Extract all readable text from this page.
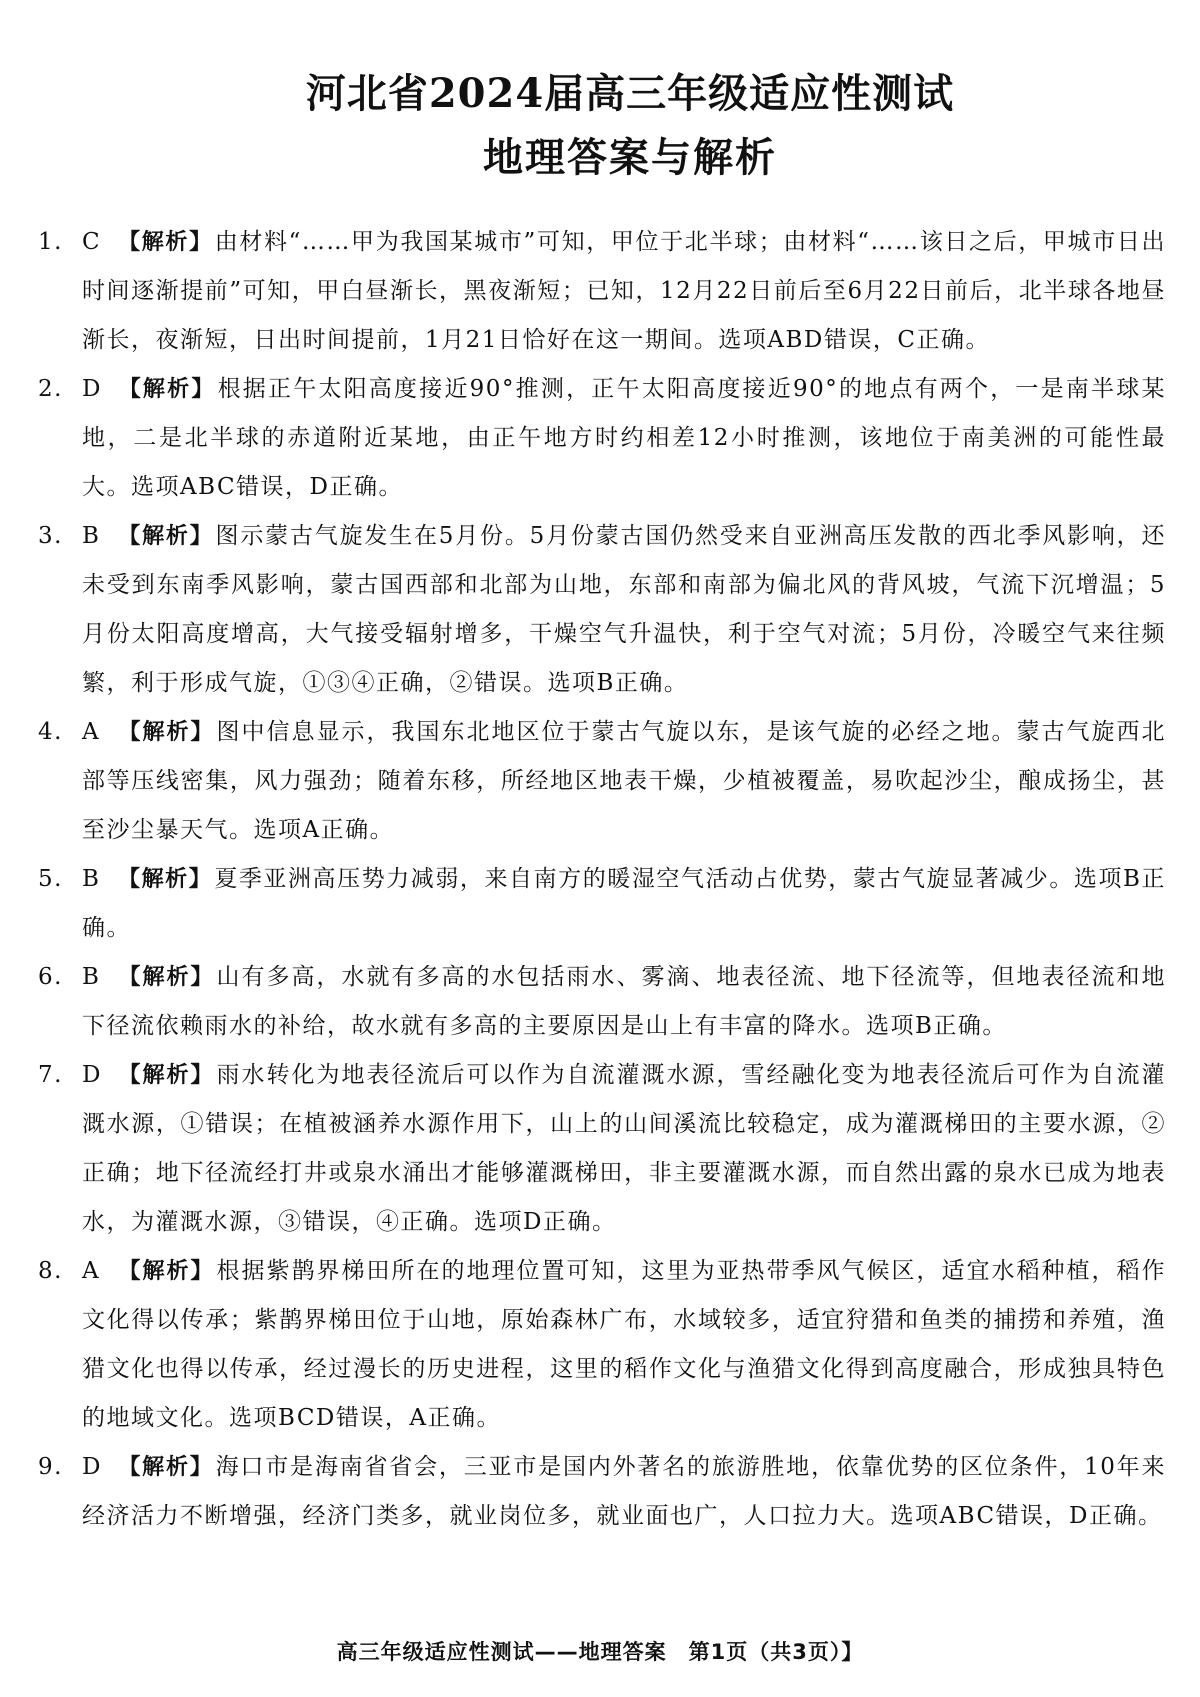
河北省2024届高三年级适应性测试
地理答案与解析
1. C 【解析】由材料“……甲为我国某城市”可知，甲位于北半球；由材料“……该日之后，甲城市日出时间逐渐提前”可知，甲白昼渐长，黑夜渐短；已知，12月22日前后至6月22日前后，北半球各地昼渐长，夜渐短，日出时间提前，1月21日恰好在这一期间。选项ABD错误，C正确。
2. D 【解析】根据正午太阳高度接近90°推测，正午太阳高度接近90°的地点有两个，一是南半球某地，二是北半球的赤道附近某地，由正午地方时约相差12小时推测，该地位于南美洲的可能性最大。选项ABC错误，D正确。
3. B 【解析】图示蒙古气旋发生在5月份。5月份蒙古国仍然受来自亚洲高压发散的西北季风影响，还未受到东南季风影响，蒙古国西部和北部为山地，东部和南部为偏北风的背风坡，气流下沉增温；5月份太阳高度增高，大气接受辐射增多，干燥空气升温快，利于空气对流；5月份，冷暖空气来往频繁，利于形成气旋，①③④正确，②错误。选项B正确。
4. A 【解析】图中信息显示，我国东北地区位于蒙古气旋以东，是该气旋的必经之地。蒙古气旋西北部等压线密集，风力强劲；随着东移，所经地区地表干燥，少植被覆盖，易吹起沙尘，酿成扬尘，甚至沙尘暴天气。选项A正确。
5. B 【解析】夏季亚洲高压势力减弱，来自南方的暖湿空气活动占优势，蒙古气旋显著减少。选项B正确。
6. B 【解析】山有多高，水就有多高的水包括雨水、雾滴、地表径流、地下径流等，但地表径流和地下径流依赖雨水的补给，故水就有多高的主要原因是山上有丰富的降水。选项B正确。
7. D 【解析】雨水转化为地表径流后可以作为自流灌溉水源，雪经融化变为地表径流后可作为自流灌溉水源，①错误；在植被涵养水源作用下，山上的山间溪流比较稳定，成为灌溉梯田的主要水源，②正确；地下径流经打井或泉水涌出才能够灌溉梯田，非主要灌溉水源，而自然出露的泉水已成为地表水，为灌溉水源，③错误，④正确。选项D正确。
8. A 【解析】根据紫鹊界梯田所在的地理位置可知，这里为亚热带季风气候区，适宜水稻种植，稻作文化得以传承；紫鹊界梯田位于山地，原始森林广布，水域较多，适宜狩猎和鱼类的捕捞和养殖，渔猎文化也得以传承，经过漫长的历史进程，这里的稻作文化与渔猎文化得到高度融合，形成独具特色的地域文化。选项BCD错误，A正确。
9. D 【解析】海口市是海南省省会，三亚市是国内外著名的旅游胜地，依靠优势的区位条件，10年来经济活力不断增强，经济门类多，就业岗位多，就业面也广，人口拉力大。选项ABC错误，D正确。
高三年级适应性测试——地理答案　第1页（共3页）】
